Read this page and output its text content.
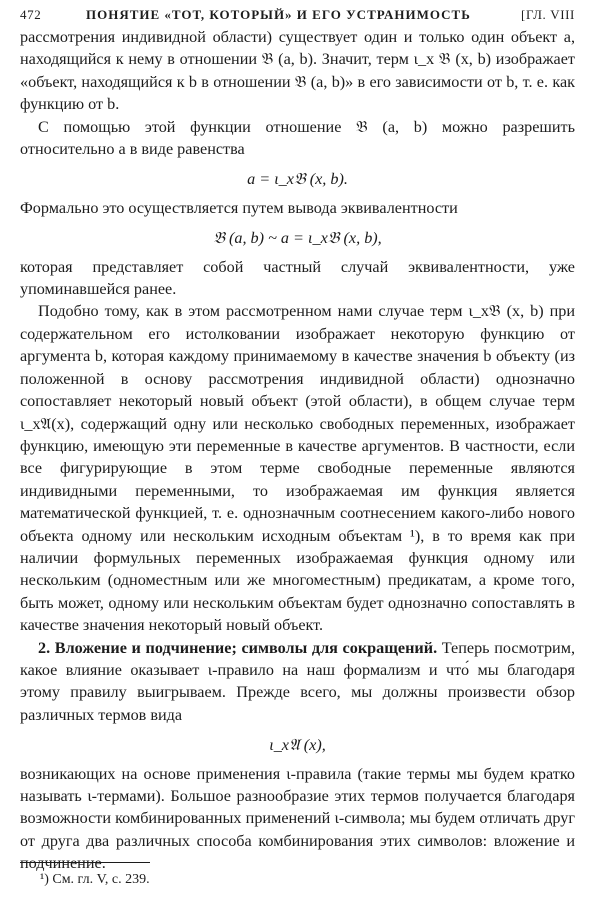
472	ПОНЯТИЕ «ТОТ, КОТОРЫЙ» И ЕГО УСТРАНИМОСТЬ	[ГЛ. VIII

рассмотрения индивидной области) существует один и только один объект a, находящийся к нему в отношении 𝔅 (a, b). Значит, терм ι_x 𝔅 (x, b) изображает «объект, находящийся к b в отношении 𝔅 (a, b)» в его зависимости от b, т. е. как функцию от b.

С помощью этой функции отношение 𝔅 (a, b) можно разрешить относительно a в виде равенства

a = ι_x𝔅 (x, b).

Формально это осуществляется путем вывода эквивалентности

𝔅 (a, b) ~ a = ι_x𝔅 (x, b),

которая представляет собой частный случай эквивалентности, уже упоминавшейся ранее.

Подобно тому, как в этом рассмотренном нами случае терм ι_x𝔅 (x, b) при содержательном его истолковании изображает некоторую функцию от аргумента b, которая каждому принимаемому в качестве значения b объекту (из положенной в основу рассмотрения индивидной области) однозначно сопоставляет некоторый новый объект (этой области), в общем случае терм ι_x𝔄(x), содержащий одну или несколько свободных переменных, изображает функцию, имеющую эти переменные в качестве аргументов. В частности, если все фигурирующие в этом терме свободные переменные являются индивидными переменными, то изображаемая им функция является математической функцией, т. е. однозначным соотнесением какого-либо нового объекта одному или нескольким исходным объектам ¹), в то время как при наличии формульных переменных изображаемая функция одному или нескольким (одноместным или же многоместным) предикатам, а кроме того, быть может, одному или нескольким объектам будет однозначно сопоставлять в качестве значения некоторый новый объект.

2. Вложение и подчинение; символы для сокращений. Теперь посмотрим, какое влияние оказывает ι-правило на наш формализм и что́ мы благодаря этому правилу выигрываем. Прежде всего, мы должны произвести обзор различных термов вида

ι_x𝔄 (x),

возникающих на основе применения ι-правила (такие термы мы будем кратко называть ι-термами). Большое разнообразие этих термов получается благодаря возможности комбинированных применений ι-символа; мы будем отличать друг от друга два различных способа комбинирования этих символов: вложение и подчинение.

¹) См. гл. V, с. 239.
